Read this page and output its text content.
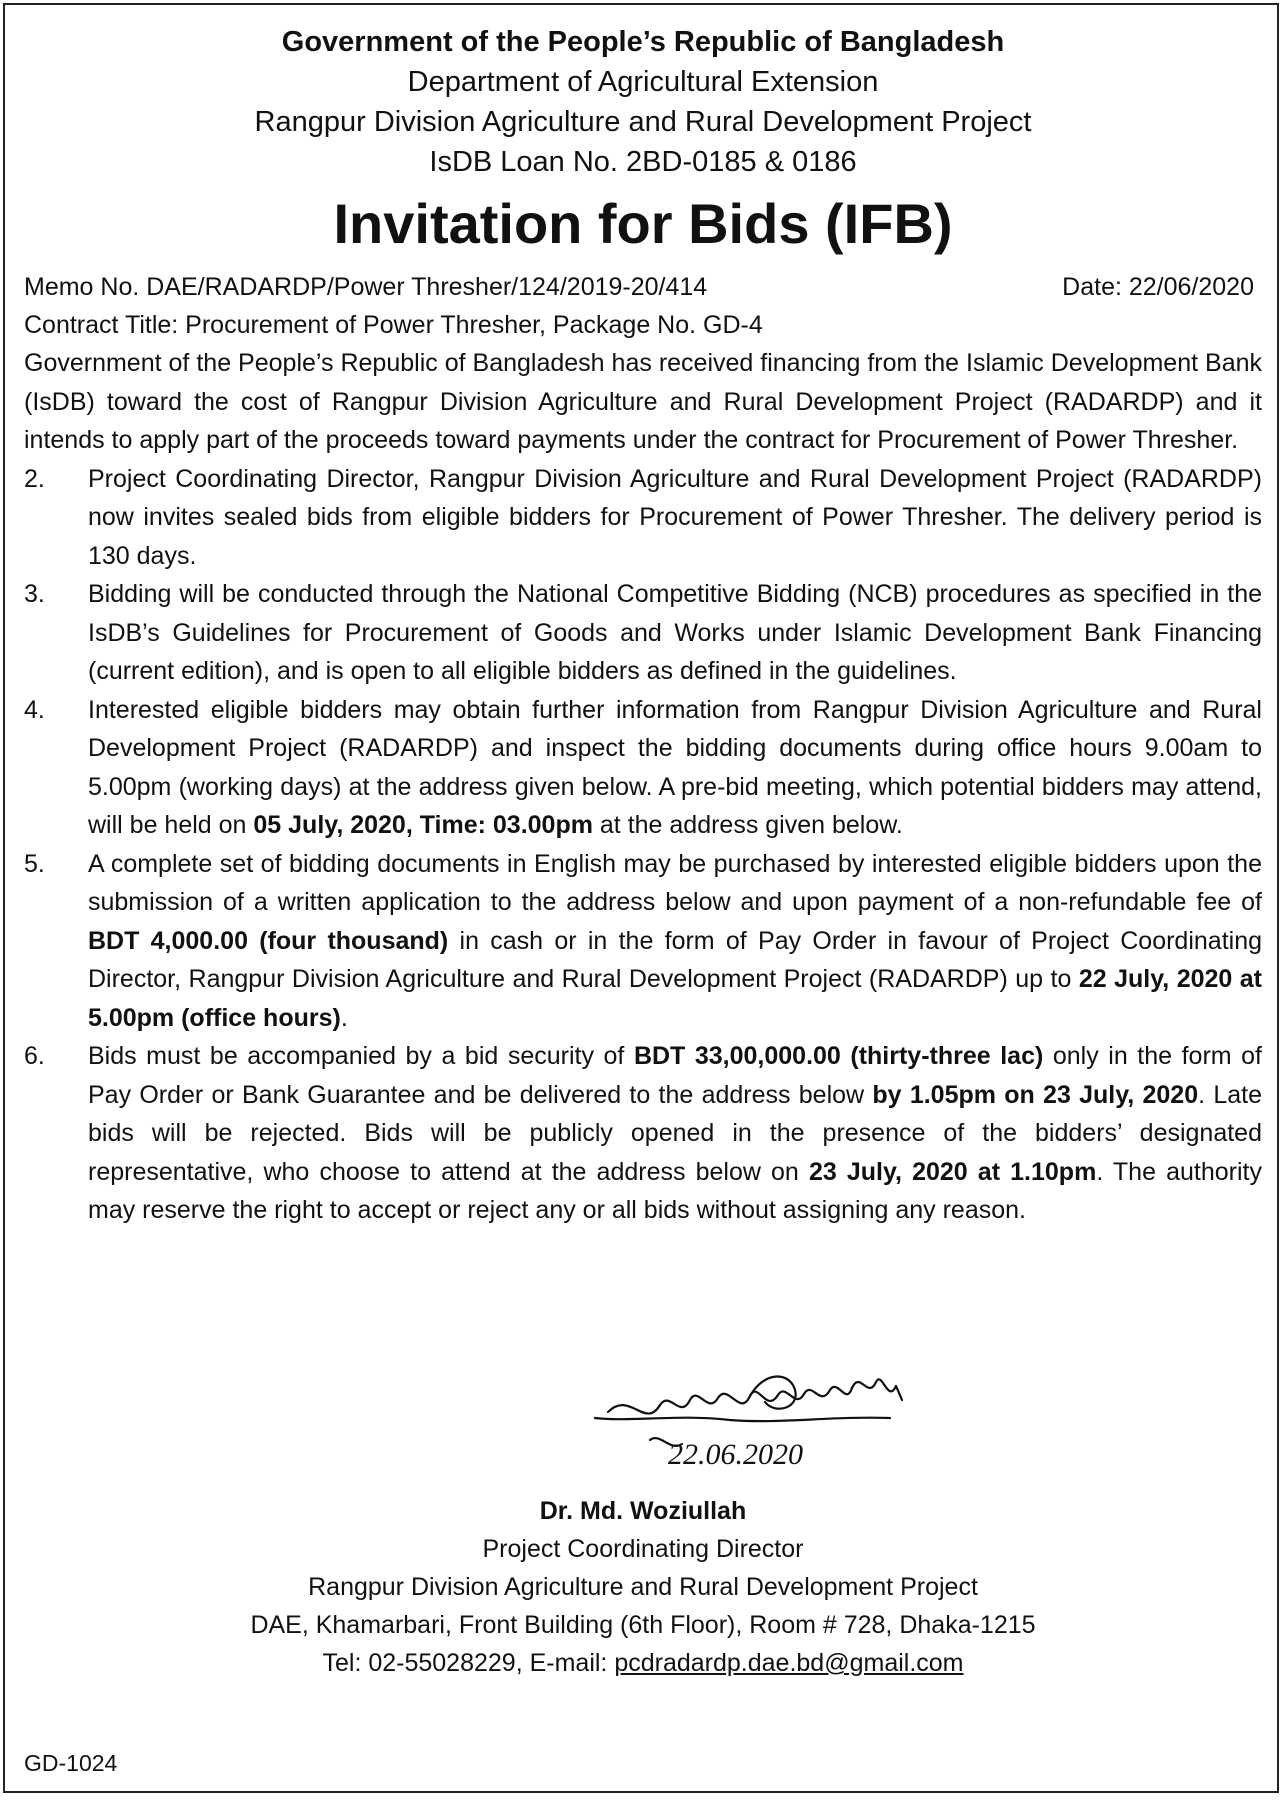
Government of the People’s Republic of Bangladesh
Department of Agricultural Extension
Rangpur Division Agriculture and Rural Development Project
IsDB Loan No. 2BD-0185 & 0186
Invitation for Bids (IFB)
Memo No. DAE/RADARDP/Power Thresher/124/2019-20/414	Date: 22/06/2020
Contract Title: Procurement of Power Thresher, Package No. GD-4
Government of the People’s Republic of Bangladesh has received financing from the Islamic Development Bank (IsDB) toward the cost of Rangpur Division Agriculture and Rural Development Project (RADARDP) and it intends to apply part of the proceeds toward payments under the contract for Procurement of Power Thresher.
2.	Project Coordinating Director, Rangpur Division Agriculture and Rural Development Project (RADARDP) now invites sealed bids from eligible bidders for Procurement of Power Thresher. The delivery period is 130 days.
3.	Bidding will be conducted through the National Competitive Bidding (NCB) procedures as specified in the IsDB’s Guidelines for Procurement of Goods and Works under Islamic Development Bank Financing (current edition), and is open to all eligible bidders as defined in the guidelines.
4.	Interested eligible bidders may obtain further information from Rangpur Division Agriculture and Rural Development Project (RADARDP) and inspect the bidding documents during office hours 9.00am to 5.00pm (working days) at the address given below. A pre-bid meeting, which potential bidders may attend, will be held on 05 July, 2020, Time: 03.00pm at the address given below.
5.	A complete set of bidding documents in English may be purchased by interested eligible bidders upon the submission of a written application to the address below and upon payment of a non-refundable fee of BDT 4,000.00 (four thousand) in cash or in the form of Pay Order in favour of Project Coordinating Director, Rangpur Division Agriculture and Rural Development Project (RADARDP) up to 22 July, 2020 at 5.00pm (office hours).
6.	Bids must be accompanied by a bid security of BDT 33,00,000.00 (thirty-three lac) only in the form of Pay Order or Bank Guarantee and be delivered to the address below by 1.05pm on 23 July, 2020. Late bids will be rejected. Bids will be publicly opened in the presence of the bidders’ designated representative, who choose to attend at the address below on 23 July, 2020 at 1.10pm. The authority may reserve the right to accept or reject any or all bids without assigning any reason.
22.06.2020
Dr. Md. Woziullah
Project Coordinating Director
Rangpur Division Agriculture and Rural Development Project
DAE, Khamarbari, Front Building (6th Floor), Room # 728, Dhaka-1215
Tel: 02-55028229, E-mail: pcdradardp.dae.bd@gmail.com
GD-1024
